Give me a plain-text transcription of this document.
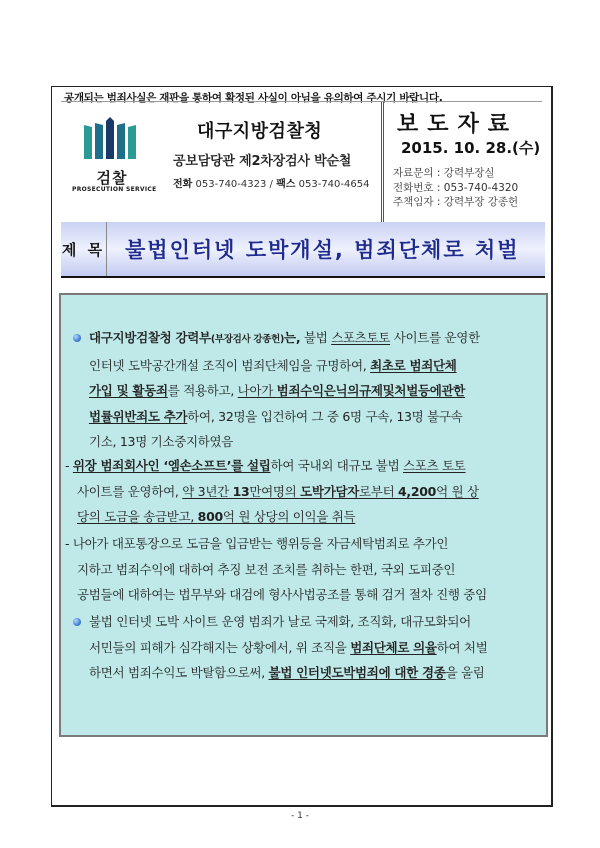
공개되는 범죄사실은 재판을 통하여 확정된 사실이 아님을 유의하여 주시기 바랍니다.
검찰
PROSECUTION SERVICE
대구지방검찰청
공보담당관 제2차장검사 박순철
전화 053-740-4323 / 팩스 053-740-4654
보도자료
2015. 10. 28.(수)
자료문의 : 강력부장실
전화번호 : 053-740-4320
주책임자 : 강력부장 강종헌
제 목 불법인터넷 도박개설, 범죄단체로 처벌
대구지방검찰청 강력부(부장검사 강종헌)는, 불법 스포츠토토 사이트를 운영한
인터넷 도박공간개설 조직이 범죄단체임을 규명하여, 최초로 범죄단체
가입 및 활동죄를 적용하고, 나아가 범죄수익은닉의규제및처벌등에관한
법률위반죄도 추가하여, 32명을 입건하여 그 중 6명 구속, 13명 불구속
기소, 13명 기소중지하였음
- 위장 범죄회사인 ‘엠손소프트’를 설립하여 국내외 대규모 불법 스포츠 토토
사이트를 운영하여, 약 3년간 13만여명의 도박가담자로부터 4,200억 원 상
당의 도금을 송금받고, 800억 원 상당의 이익을 취득
- 나아가 대포통장으로 도금을 입금받는 행위등을 자금세탁범죄로 추가인
지하고 범죄수익에 대하여 추징 보전 조치를 취하는 한편, 국외 도피중인
공범들에 대하여는 법무부와 대검에 형사사법공조를 통해 검거 절차 진행 중임
불법 인터넷 도박 사이트 운영 범죄가 날로 국제화, 조직화, 대규모화되어
서민들의 피해가 심각해지는 상황에서, 위 조직을 범죄단체로 의율하여 처벌
하면서 범죄수익도 박탈함으로써, 불법 인터넷도박범죄에 대한 경종을 울림
- 1 -
